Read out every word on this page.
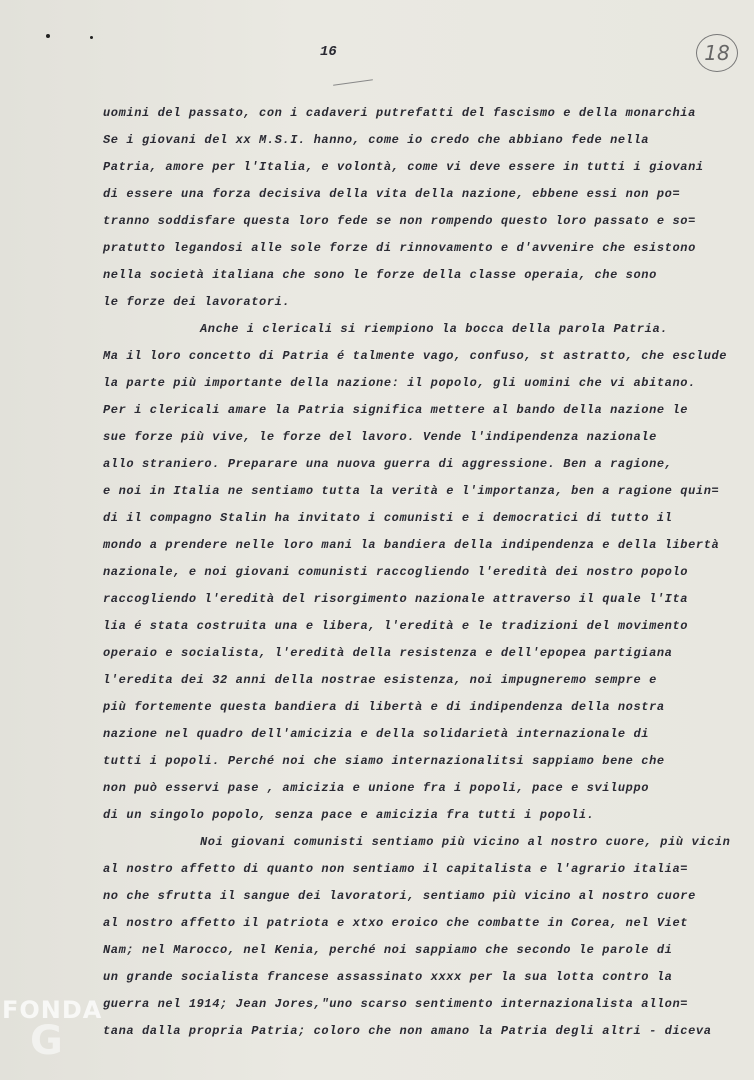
16	18
uomini del passato, con i cadaveri putrefatti del fascismo e della monarchia
Se i giovani del xx M.S.I. hanno, come io credo che abbiano fede nella
Patria, amore per l'Italia, e volontà, come vi deve essere in tutti i giovani
di essere una forza decisiva della vita della nazione, ebbene essi non po=
tranno soddisfare questa loro fede se non rompendo questo loro passato e so=
pratutto legandosi alle sole forze di rinnovamento e d'avvenire che esistono
nella società italiana che sono le forze della classe operaia, che sono
le forze dei lavoratori.
Anche i clericali si riempiono la bocca della parola Patria.
Ma il loro concetto di Patria é talmente vago, confuso, st astratto, che esclude
la parte più importante della nazione: il popolo, gli uomini che vi abitano.
Per i clericali amare la Patria significa mettere al bando della nazione le
sue forze più vive, le forze del lavoro. Vende l'indipendenza nazionale
allo straniero. Preparare una nuova guerra di aggressione. Ben a ragione,
e noi in Italia ne sentiamo tutta la verità e l'importanza, ben a ragione quin=
di il compagno Stalin ha invitato i comunisti e i democratici di tutto il
mondo a prendere nelle loro mani la bandiera della indipendenza e della libertà
nazionale, e noi giovani comunisti raccogliendo l'eredità dei nostro popolo
raccogliendo l'eredità del risorgimento nazionale attraverso il quale l'Ita
lia é stata costruita una e libera, l'eredità e le tradizioni del movimento
operaio e socialista, l'eredità della resistenza e dell'epopea partigiana
l'eredita dei 32 anni della nostrae esistenza, noi impugneremo sempre e
più fortemente questa bandiera di libertà e di indipendenza della nostra
nazione nel quadro dell'amicizia e della solidarietà internazionale di
tutti i popoli. Perché noi che siamo internazionalitsi sappiamo bene che
non può esservi pase , amicizia e unione fra i popoli, pace e sviluppo
di un singolo popolo, senza pace e amicizia fra tutti i popoli.
Noi giovani comunisti sentiamo più vicino al nostro cuore, più vicin
al nostro affetto di quanto non sentiamo il capitalista e l'agrario italia=
no che sfrutta il sangue dei lavoratori, sentiamo più vicino al nostro cuore
al nostro affetto il patriota e xtxo eroico che combatte in Corea, nel Viet
Nam; nel Marocco, nel Kenia, perché noi sappiamo che secondo le parole di
un grande socialista francese assassinato xxxx per la sua lotta contro la
guerra nel 1914; Jean Jores,"uno scarso sentimento internazionalista allon=
tana dalla propria Patria; coloro che non amano la Patria degli altri - diceva
FONDA
G
